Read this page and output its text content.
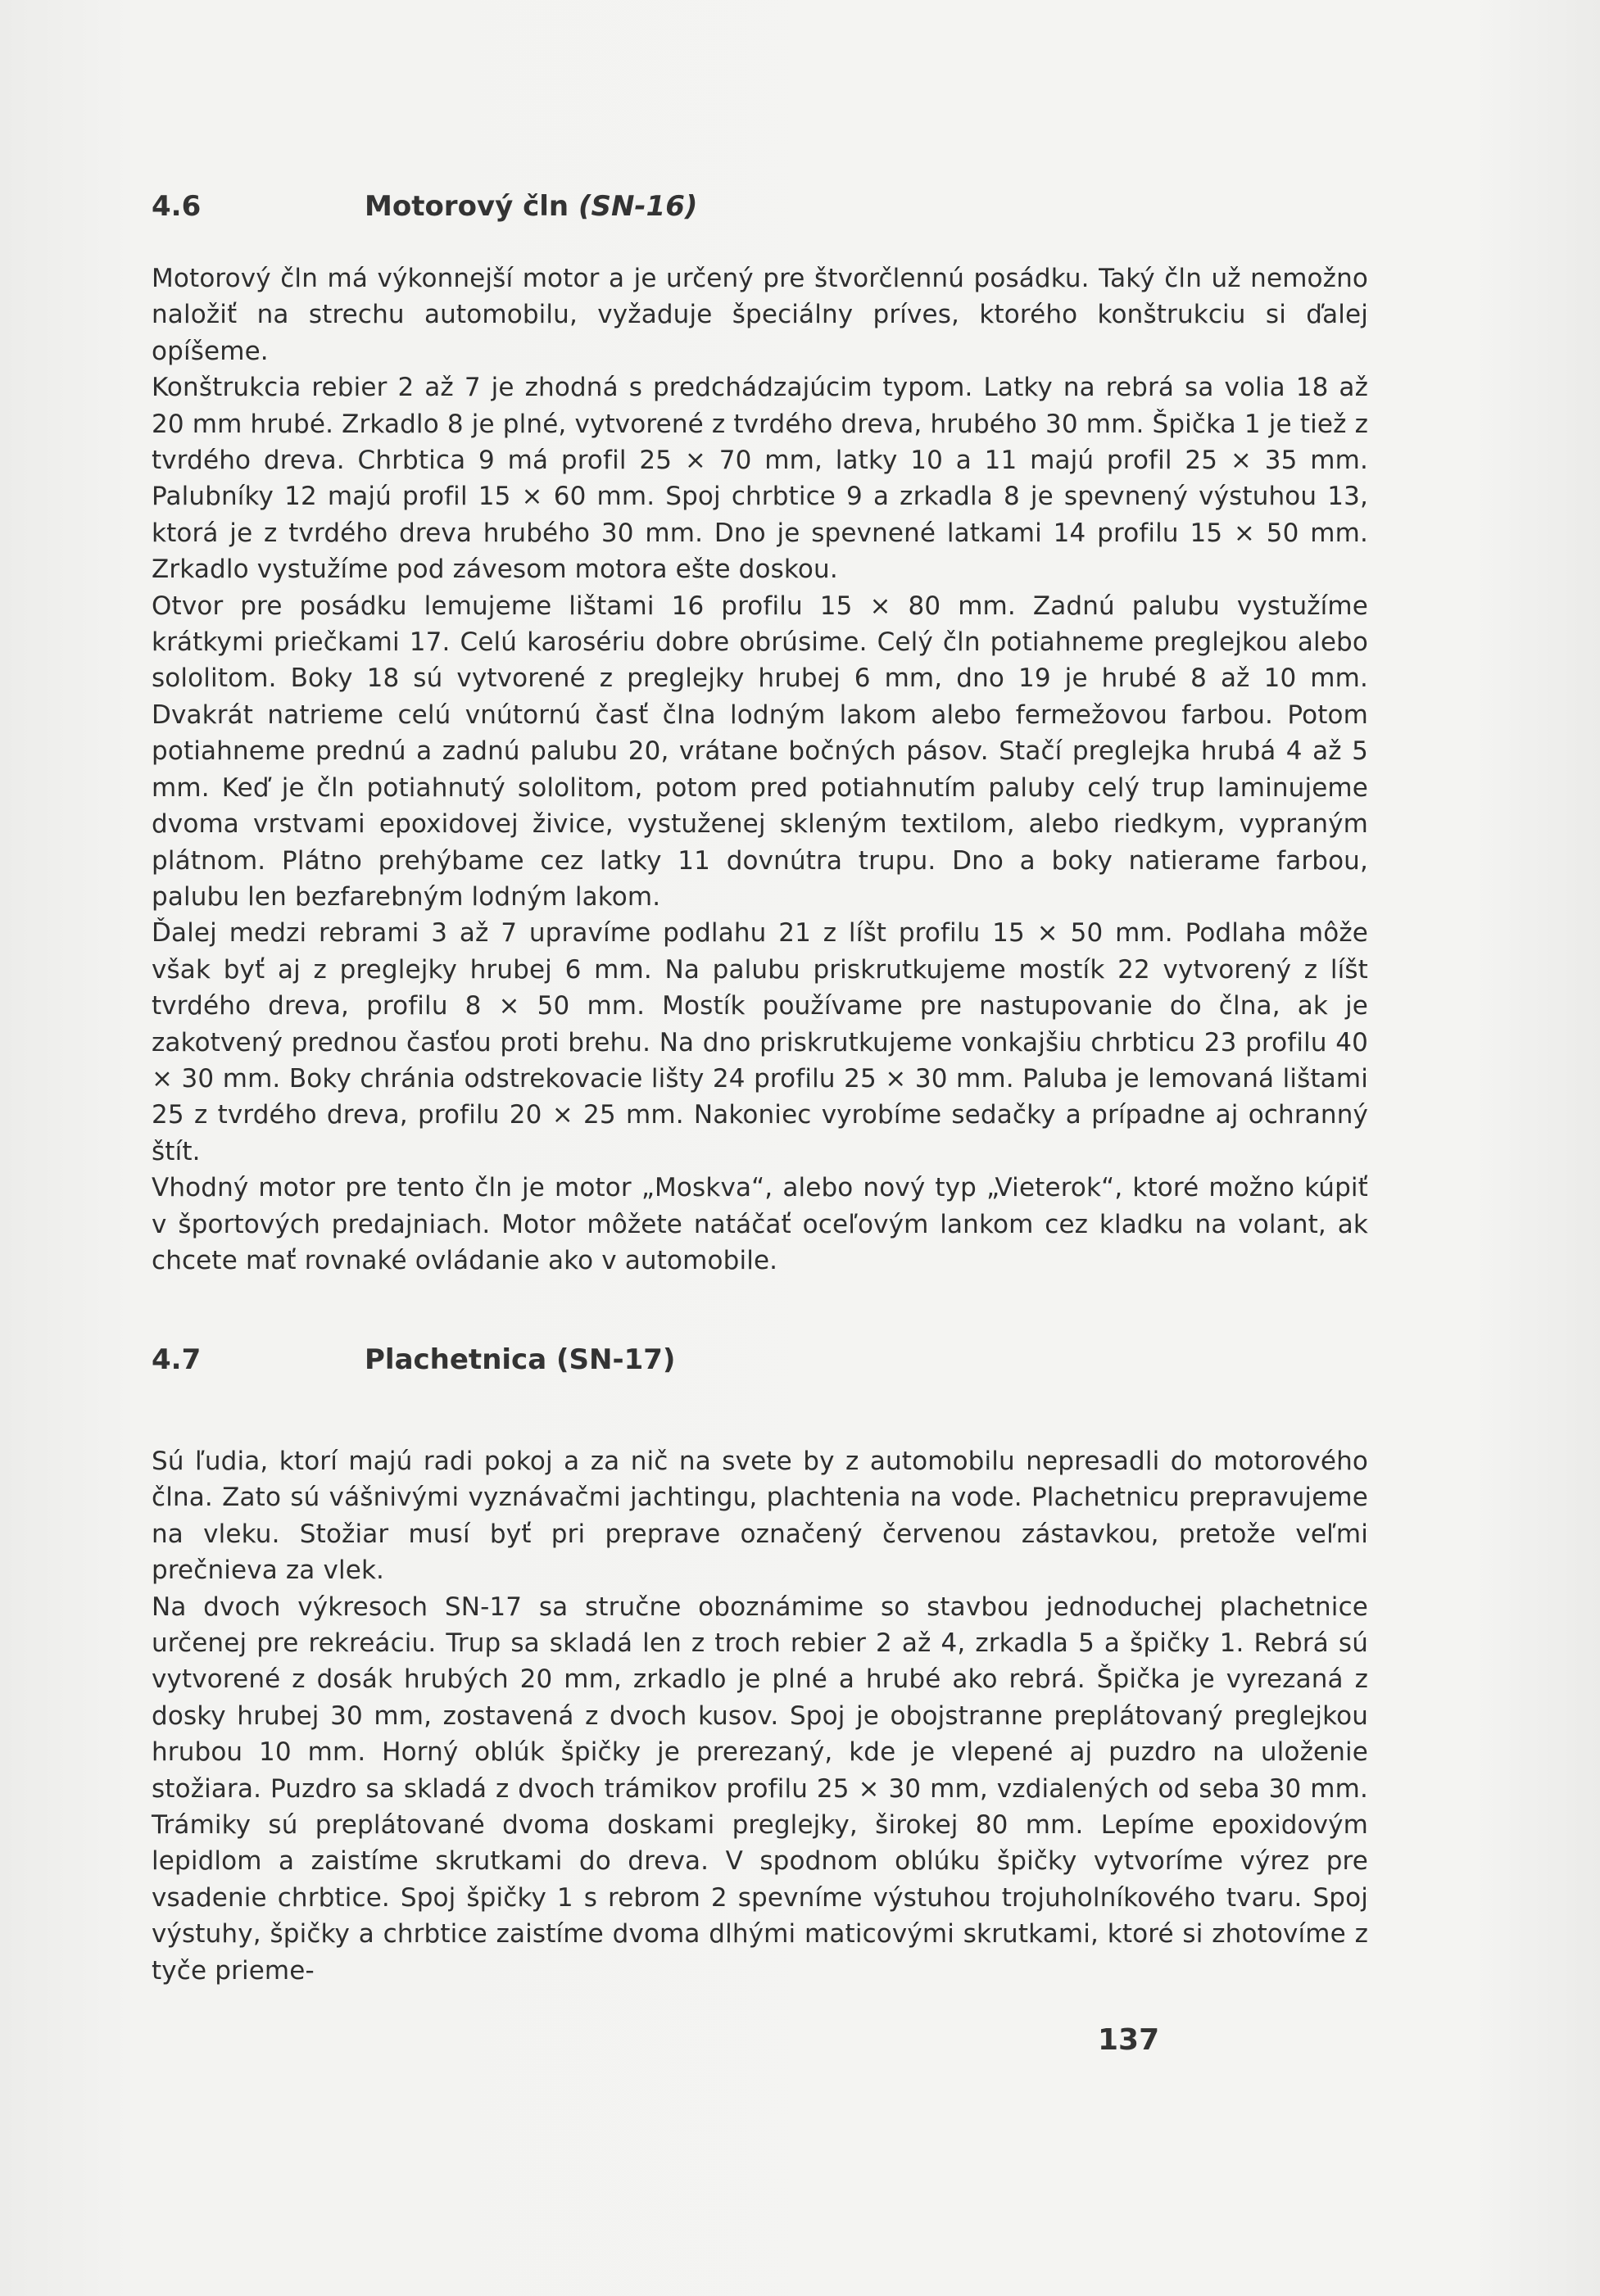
4.6	Motorový čln (SN-16)

Motorový čln má výkonnejší motor a je určený pre štvorčlennú posádku. Taký čln už nemožno naložiť na strechu automobilu, vyžaduje špeciálny príves, ktorého konštrukciu si ďalej opíšeme.

Konštrukcia rebier 2 až 7 je zhodná s predchádzajúcim typom. Latky na rebrá sa volia 18 až 20 mm hrubé. Zrkadlo 8 je plné, vytvorené z tvrdého dreva, hrubého 30 mm. Špička 1 je tiež z tvrdého dreva. Chrbtica 9 má profil 25 × 70 mm, latky 10 a 11 majú profil 25 × 35 mm. Palubníky 12 majú profil 15 × 60 mm. Spoj chrbtice 9 a zrkadla 8 je spevnený výstuhou 13, ktorá je z tvrdého dreva hrubého 30 mm. Dno je spevnené latkami 14 profilu 15 × 50 mm. Zrkadlo vystužíme pod závesom motora ešte doskou.

Otvor pre posádku lemujeme lištami 16 profilu 15 × 80 mm. Zadnú palubu vystužíme krátkymi priečkami 17. Celú karosériu dobre obrúsime. Celý čln potiahneme preglejkou alebo sololitom. Boky 18 sú vytvorené z preglejky hrubej 6 mm, dno 19 je hrubé 8 až 10 mm. Dvakrát natrieme celú vnútornú časť člna lodným lakom alebo fermežovou farbou. Potom potiahneme prednú a zadnú palubu 20, vrátane bočných pásov. Stačí preglejka hrubá 4 až 5 mm. Keď je čln potiahnutý sololitom, potom pred potiahnutím paluby celý trup laminujeme dvoma vrstvami epoxidovej živice, vystuženej skleným textilom, alebo riedkym, vypraným plátnom. Plátno prehýbame cez latky 11 dovnútra trupu. Dno a boky natierame farbou, palubu len bezfarebným lodným lakom.

Ďalej medzi rebrami 3 až 7 upravíme podlahu 21 z líšt profilu 15 × 50 mm. Podlaha môže však byť aj z preglejky hrubej 6 mm. Na palubu priskrutkujeme mostík 22 vytvorený z líšt tvrdého dreva, profilu 8 × 50 mm. Mostík používame pre nastupovanie do člna, ak je zakotvený prednou časťou proti brehu. Na dno priskrutkujeme vonkajšiu chrbticu 23 profilu 40 × 30 mm. Boky chránia odstrekovacie lišty 24 profilu 25 × 30 mm. Paluba je lemovaná lištami 25 z tvrdého dreva, profilu 20 × 25 mm. Nakoniec vyrobíme sedačky a prípadne aj ochranný štít.

Vhodný motor pre tento čln je motor „Moskva“, alebo nový typ „Vieterok“, ktoré možno kúpiť v športových predajniach. Motor môžete natáčať oceľovým lankom cez kladku na volant, ak chcete mať rovnaké ovládanie ako v automobile.

4.7	Plachetnica (SN-17)

Sú ľudia, ktorí majú radi pokoj a za nič na svete by z automobilu nepresadli do motorového člna. Zato sú vášnivými vyznávačmi jachtingu, plachtenia na vode. Plachetnicu prepravujeme na vleku. Stožiar musí byť pri preprave označený červenou zástavkou, pretože veľmi prečnieva za vlek.

Na dvoch výkresoch SN-17 sa stručne oboznámime so stavbou jednoduchej plachetnice určenej pre rekreáciu. Trup sa skladá len z troch rebier 2 až 4, zrkadla 5 a špičky 1. Rebrá sú vytvorené z dosák hrubých 20 mm, zrkadlo je plné a hrubé ako rebrá. Špička je vyrezaná z dosky hrubej 30 mm, zostavená z dvoch kusov. Spoj je obojstranne preplátovaný preglejkou hrubou 10 mm. Horný oblúk špičky je prerezaný, kde je vlepené aj puzdro na uloženie stožiara. Puzdro sa skladá z dvoch trámikov profilu 25 × 30 mm, vzdialených od seba 30 mm. Trámiky sú preplátované dvoma doskami preglejky, širokej 80 mm. Lepíme epoxidovým lepidlom a zaistíme skrutkami do dreva. V spodnom oblúku špičky vytvoríme výrez pre vsadenie chrbtice. Spoj špičky 1 s rebrom 2 spevníme výstuhou trojuholníkového tvaru. Spoj výstuhy, špičky a chrbtice zaistíme dvoma dlhými maticovými skrutkami, ktoré si zhotovíme z tyče prieme-

137
